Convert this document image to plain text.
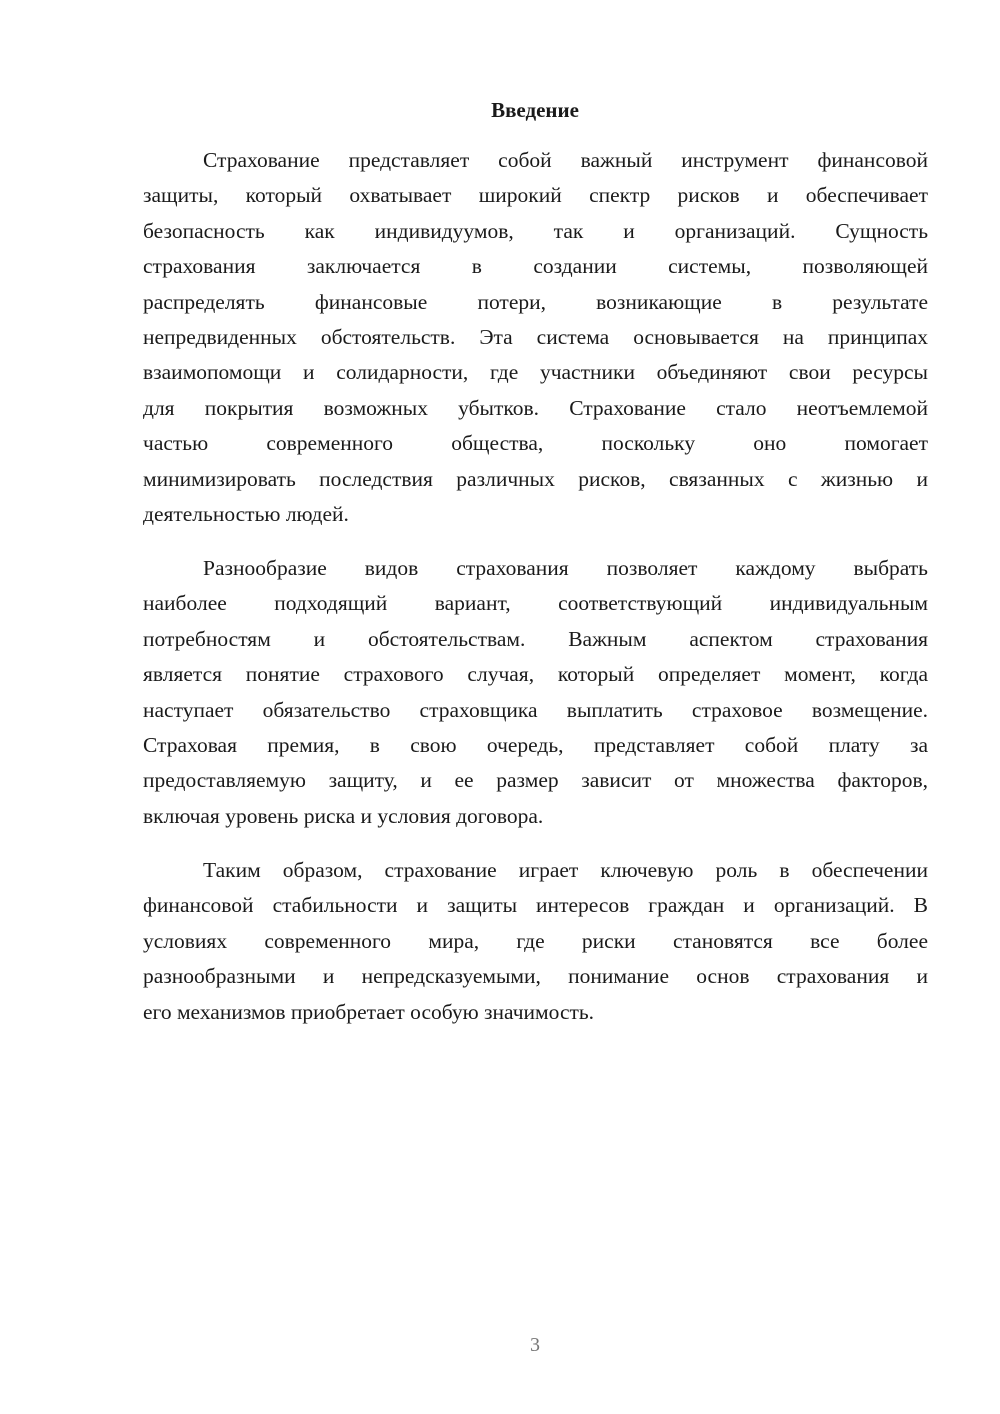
Введение
Страхование представляет собой важный инструмент финансовой
защиты, который охватывает широкий спектр рисков и обеспечивает
безопасность как индивидуумов, так и организаций. Сущность
страхования заключается в создании системы, позволяющей
распределять финансовые потери, возникающие в результате
непредвиденных обстоятельств. Эта система основывается на принципах
взаимопомощи и солидарности, где участники объединяют свои ресурсы
для покрытия возможных убытков. Страхование стало неотъемлемой
частью современного общества, поскольку оно помогает
минимизировать последствия различных рисков, связанных с жизнью и
деятельностью людей.
Разнообразие видов страхования позволяет каждому выбрать
наиболее подходящий вариант, соответствующий индивидуальным
потребностям и обстоятельствам. Важным аспектом страхования
является понятие страхового случая, который определяет момент, когда
наступает обязательство страховщика выплатить страховое возмещение.
Страховая премия, в свою очередь, представляет собой плату за
предоставляемую защиту, и ее размер зависит от множества факторов,
включая уровень риска и условия договора.
Таким образом, страхование играет ключевую роль в обеспечении
финансовой стабильности и защиты интересов граждан и организаций. В
условиях современного мира, где риски становятся все более
разнообразными и непредсказуемыми, понимание основ страхования и
его механизмов приобретает особую значимость.
3
